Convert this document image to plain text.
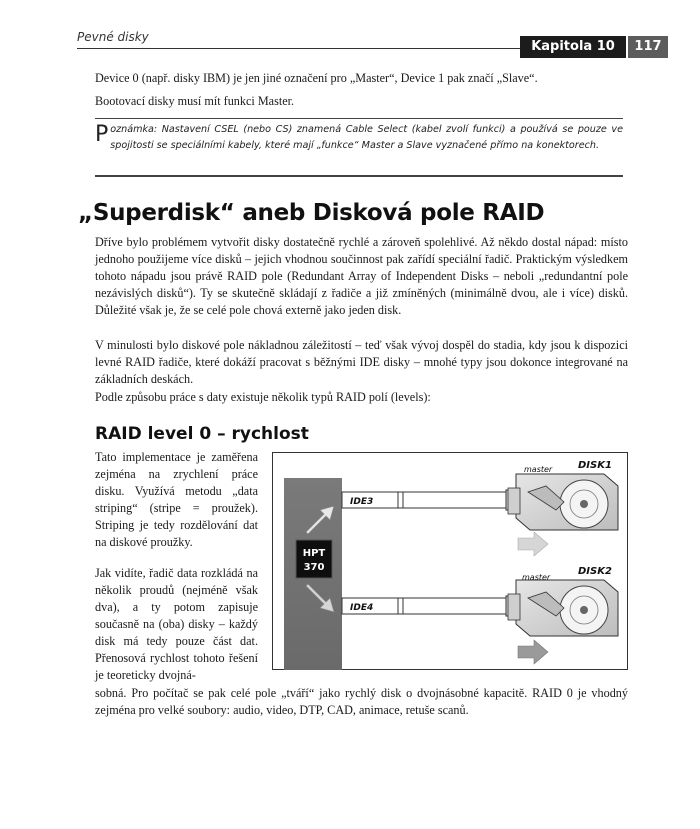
Pevné disky
Kapitola 10	117

Device 0 (např. disky IBM) je jen jiné označení pro „Master“, Device 1 pak značí „Slave“.

Bootovací disky musí mít funkci Master.

Poznámka: Nastavení CSEL (nebo CS) znamená Cable Select (kabel zvolí funkci) a používá se pouze ve spojitosti se speciálními kabely, které mají „funkce“ Master a Slave vyznačené přímo na konektorech.
„Superdisk“ aneb Disková pole RAID

Dříve bylo problémem vytvořit disky dostatečně rychlé a zároveň spolehlivé. Až někdo dostal nápad: místo jednoho použijeme více disků – jejich vhodnou součinnost pak zařídí speciální řadič. Praktickým výsledkem tohoto nápadu jsou právě RAID pole (Redundant Array of Independent Disks – neboli „redundantní pole nezávislých disků“). Ty se skutečně skládají z řadiče a již zmíněných (minimálně dvou, ale i více) disků. Důležité však je, že se celé pole chová externě jako jeden disk.

V minulosti bylo diskové pole nákladnou záležitostí – teď však vývoj dospěl do stadia, kdy jsou k dispozici levné RAID řadiče, které dokáží pracovat s běžnými IDE disky – mnohé typy jsou dokonce integrované na základních deskách.

Podle způsobu práce s daty existuje několik typů RAID polí (levels):

RAID level 0 – rychlost

Tato implementace je zaměřena zejména na zrychlení práce disku. Využívá metodu „data striping“ (stripe = proužek). Striping je tedy rozdělování dat na diskové proužky.

Jak vidíte, řadič data rozkládá na několik proudů (nejméně však dva), a ty potom zapisuje současně na (oba) disky – každý disk má tedy pouze část dat. Přenosová rychlost tohoto řešení je teoreticky dvojná-

sobná. Pro počítač se pak celé pole „tváří“ jako rychlý disk o dvojnásobné kapacitě. RAID 0 je vhodný zejména pro velké soubory: audio, video, DTP, CAD, animace, retuše scanů.

HPT
370
IDE3
IDE4
master	DISK1
master
DISK2
